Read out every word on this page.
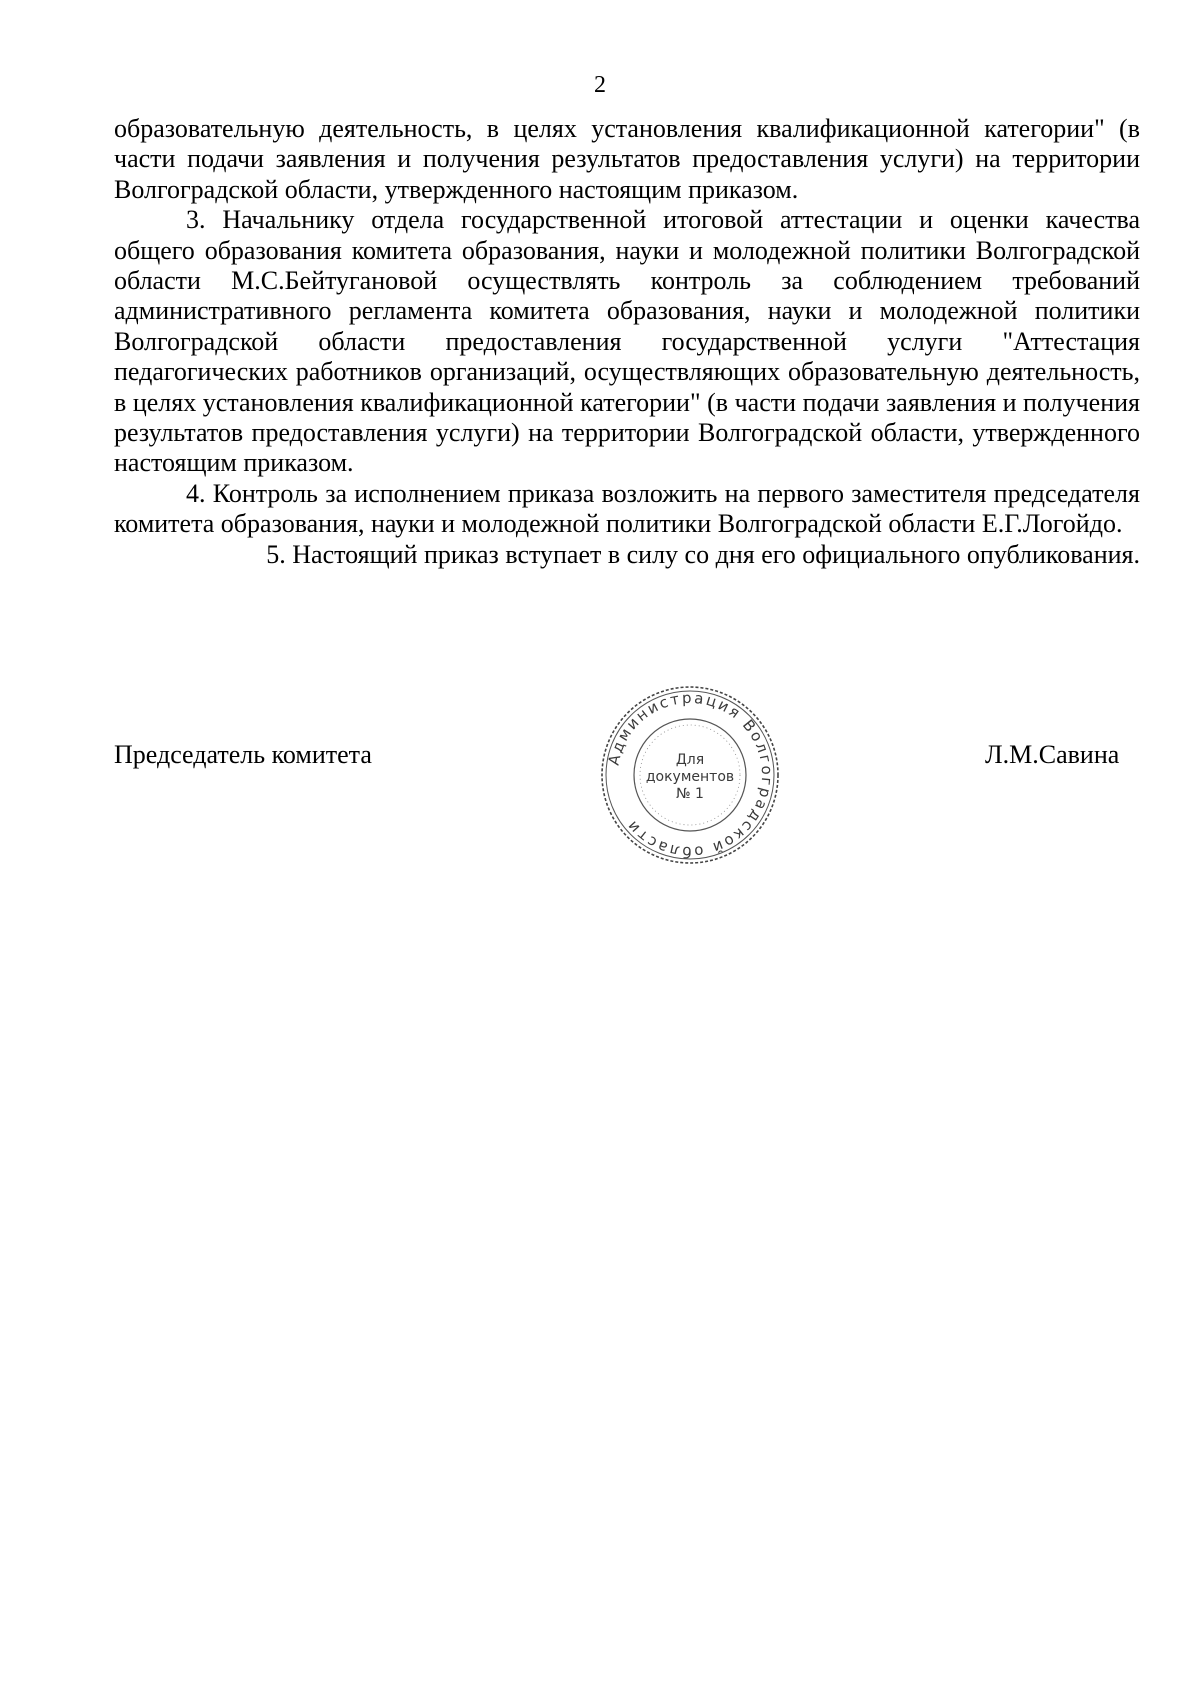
2

образовательную деятельность, в целях установления квалификационной категории" (в части подачи заявления и получения результатов предоставления услуги) на территории Волгоградской области, утвержденного настоящим приказом.

3. Начальнику отдела государственной итоговой аттестации и оценки качества общего образования комитета образования, науки и молодежной политики Волгоградской области М.С.Бейтугановой осуществлять контроль за соблюдением требований административного регламента комитета образования, науки и молодежной политики Волгоградской области предоставления государственной услуги "Аттестация педагогических работников организаций, осуществляющих образовательную деятельность, в целях установления квалификационной категории" (в части подачи заявления и получения результатов предоставления услуги) на территории Волгоградской области, утвержденного настоящим приказом.

4. Контроль за исполнением приказа возложить на первого заместителя председателя комитета образования, науки и молодежной политики Волгоградской области Е.Г.Логойдо.

5. Настоящий приказ вступает в силу со дня его официального опубликования.

Председатель комитета	Администрация Волгоградской области
Для
документов
№ 1
Л.М.Савина
